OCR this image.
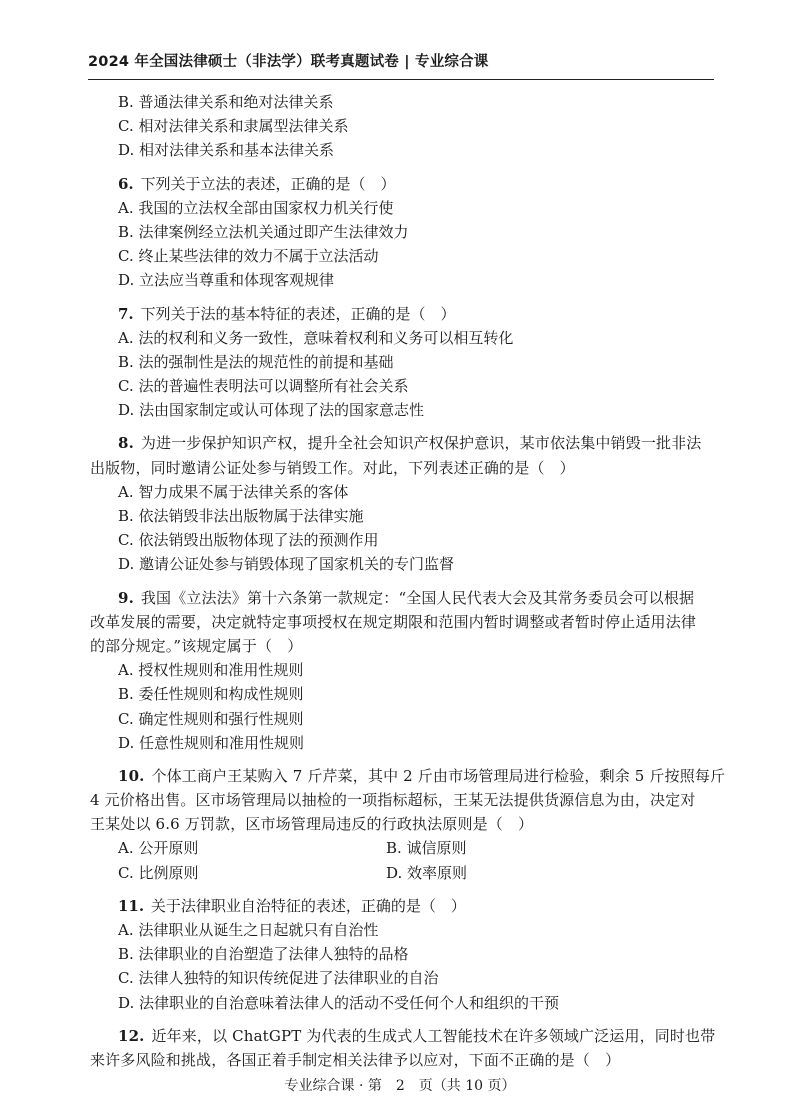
2024 年全国法律硕士（非法学）联考真题试卷 | 专业综合课
B. 普通法律关系和绝对法律关系
C. 相对法律关系和隶属型法律关系
D. 相对法律关系和基本法律关系
6. 下列关于立法的表述，正确的是（　）
A. 我国的立法权全部由国家权力机关行使
B. 法律案例经立法机关通过即产生法律效力
C. 终止某些法律的效力不属于立法活动
D. 立法应当尊重和体现客观规律
7. 下列关于法的基本特征的表述，正确的是（　）
A. 法的权利和义务一致性，意味着权利和义务可以相互转化
B. 法的强制性是法的规范性的前提和基础
C. 法的普遍性表明法可以调整所有社会关系
D. 法由国家制定或认可体现了法的国家意志性
8. 为进一步保护知识产权，提升全社会知识产权保护意识，某市依法集中销毁一批非法
出版物，同时邀请公证处参与销毁工作。对此，下列表述正确的是（　）
A. 智力成果不属于法律关系的客体
B. 依法销毁非法出版物属于法律实施
C. 依法销毁出版物体现了法的预测作用
D. 邀请公证处参与销毁体现了国家机关的专门监督
9. 我国《立法法》第十六条第一款规定：“全国人民代表大会及其常务委员会可以根据
改革发展的需要，决定就特定事项授权在规定期限和范围内暂时调整或者暂时停止适用法律
的部分规定。”该规定属于（　）
A. 授权性规则和准用性规则
B. 委任性规则和构成性规则
C. 确定性规则和强行性规则
D. 任意性规则和准用性规则
10. 个体工商户王某购入 7 斤芹菜，其中 2 斤由市场管理局进行检验，剩余 5 斤按照每斤
4 元价格出售。区市场管理局以抽检的一项指标超标，王某无法提供货源信息为由，决定对
王某处以 6.6 万罚款，区市场管理局违反的行政执法原则是（　）
A. 公开原则	B. 诚信原则
C. 比例原则	D. 效率原则
11. 关于法律职业自治特征的表述，正确的是（　）
A. 法律职业从诞生之日起就只有自治性
B. 法律职业的自治塑造了法律人独特的品格
C. 法律人独特的知识传统促进了法律职业的自治
D. 法律职业的自治意味着法律人的活动不受任何个人和组织的干预
12. 近年来，以 ChatGPT 为代表的生成式人工智能技术在许多领域广泛运用，同时也带
来许多风险和挑战，各国正着手制定相关法律予以应对，下面不正确的是（　）
专业综合课 · 第　2　页（共 10 页）
